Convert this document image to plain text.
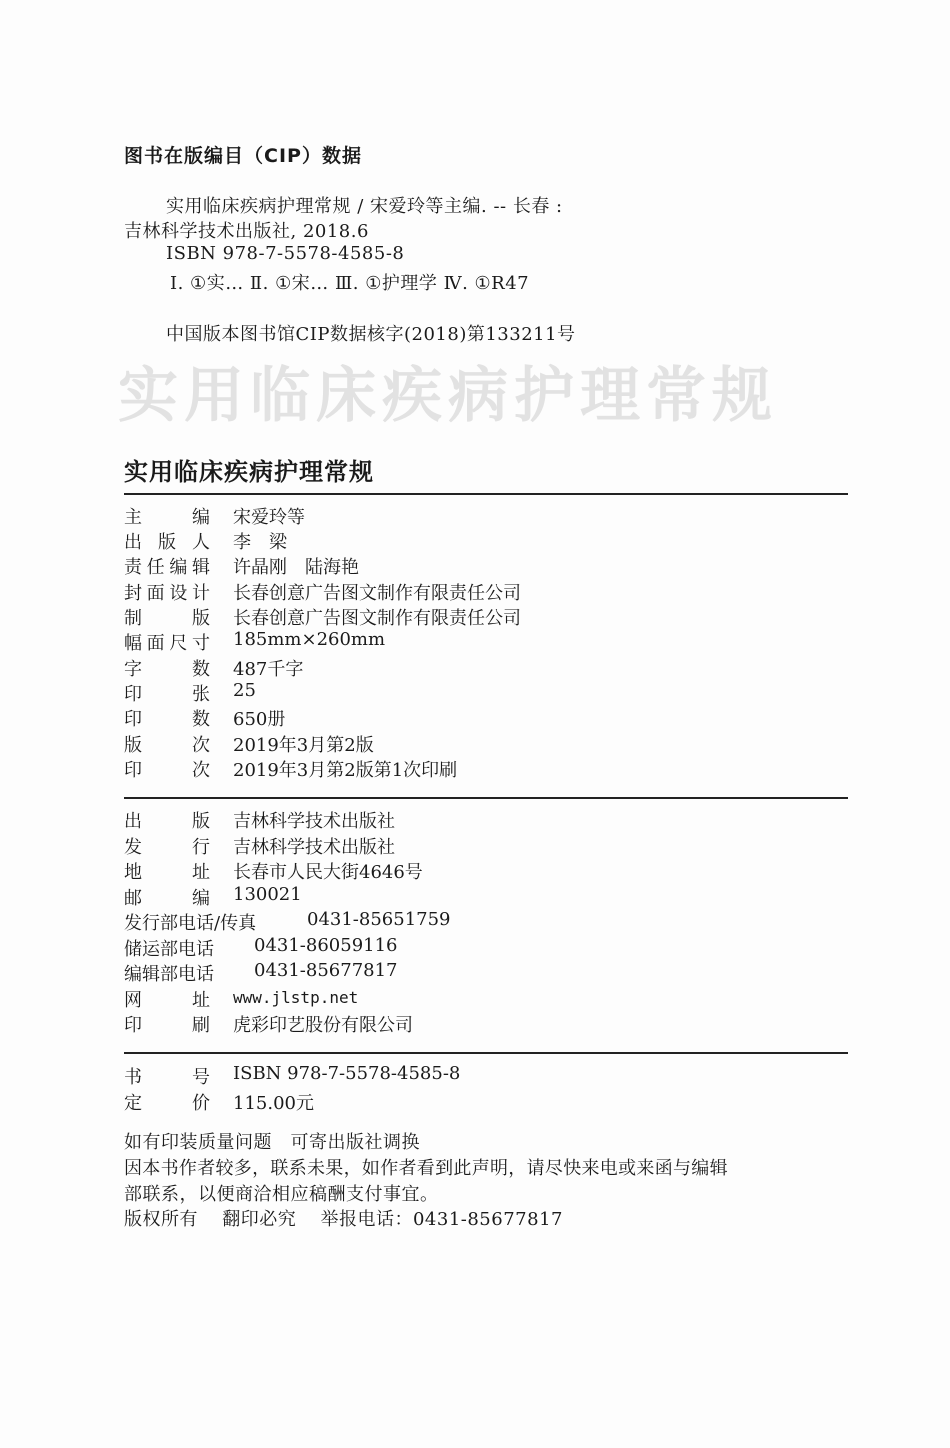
实用临床疾病护理常规
图书在版编目（CIP）数据
实用临床疾病护理常规 / 宋爱玲等主编. -- 长春 :
吉林科学技术出版社, 2018.6
ISBN 978-7-5578-4585-8
Ⅰ. ①实… Ⅱ. ①宋… Ⅲ. ①护理学 Ⅳ. ①R47
中国版本图书馆CIP数据核字(2018)第133211号
实用临床疾病护理常规
主编 宋爱玲等
出版人 李　梁
责任编辑 许晶刚　陆海艳
封面设计 长春创意广告图文制作有限责任公司
制版 长春创意广告图文制作有限责任公司
幅面尺寸 185mm×260mm
字数 487千字
印张 25
印数 650册
版次 2019年3月第2版
印次 2019年3月第2版第1次印刷
出版 吉林科学技术出版社
发行 吉林科学技术出版社
地址 长春市人民大街4646号
邮编 130021
发行部电话/传真	0431-85651759
储运部电话 0431-86059116
编辑部电话 0431-85677817
网址 www.jlstp.net
印刷 虎彩印艺股份有限公司
书号 ISBN 978-7-5578-4585-8
定价 115.00元
如有印装质量问题　可寄出版社调换
因本书作者较多，联系未果，如作者看到此声明，请尽快来电或来函与编辑
部联系，以便商洽相应稿酬支付事宜。
版权所有 翻印必究 举报电话：0431-85677817
